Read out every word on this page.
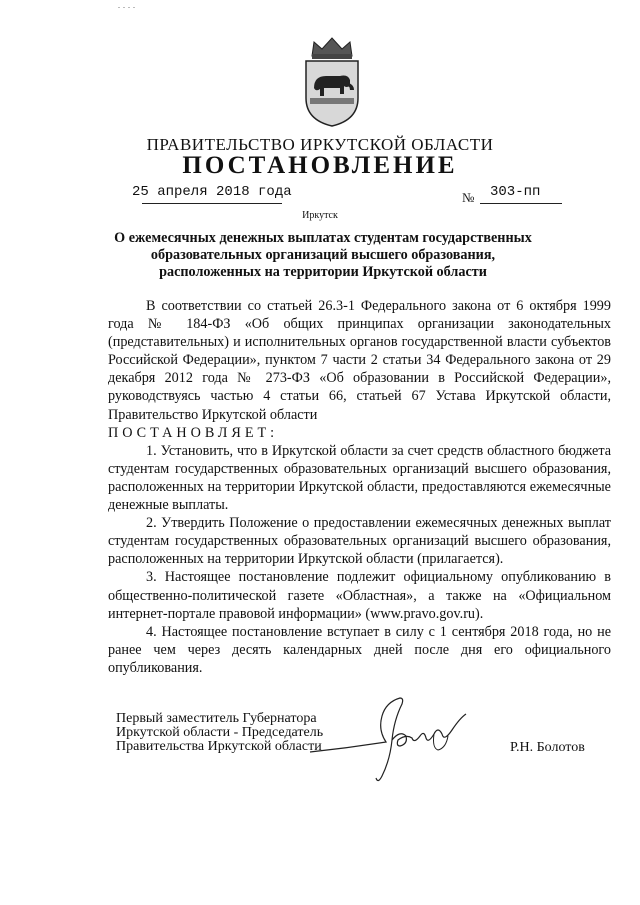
ПРАВИТЕЛЬСТВО ИРКУТСКОЙ ОБЛАСТИ
ПОСТАНОВЛЕНИЕ
25 апреля 2018 года	№ 303-пп
Иркутск
О ежемесячных денежных выплатах студентам государственных образовательных организаций высшего образования, расположенных на территории Иркутской области

В соответствии со статьей 26.3-1 Федерального закона от 6 октября 1999 года № 184-ФЗ «Об общих принципах организации законодательных (представительных) и исполнительных органов государственной власти субъектов Российской Федерации», пунктом 7 части 2 статьи 34 Федерального закона от 29 декабря 2012 года № 273-ФЗ «Об образовании в Российской Федерации», руководствуясь частью 4 статьи 66, статьей 67 Устава Иркутской области, Правительство Иркутской области

ПОСТАНОВЛЯЕТ:

1. Установить, что в Иркутской области за счет средств областного бюджета студентам государственных образовательных организаций высшего образования, расположенных на территории Иркутской области, предоставляются ежемесячные денежные выплаты.

2. Утвердить Положение о предоставлении ежемесячных денежных выплат студентам государственных образовательных организаций высшего образования, расположенных на территории Иркутской области (прилагается).

3. Настоящее постановление подлежит официальному опубликованию в общественно-политической газете «Областная», а также на «Официальном интернет-портале правовой информации» (www.pravo.gov.ru).

4. Настоящее постановление вступает в силу с 1 сентября 2018 года, но не ранее чем через десять календарных дней после дня его официального опубликования.

Первый заместитель Губернатора
Иркутской области - Председатель
Правительства Иркутской области	Р.Н. Болотов
